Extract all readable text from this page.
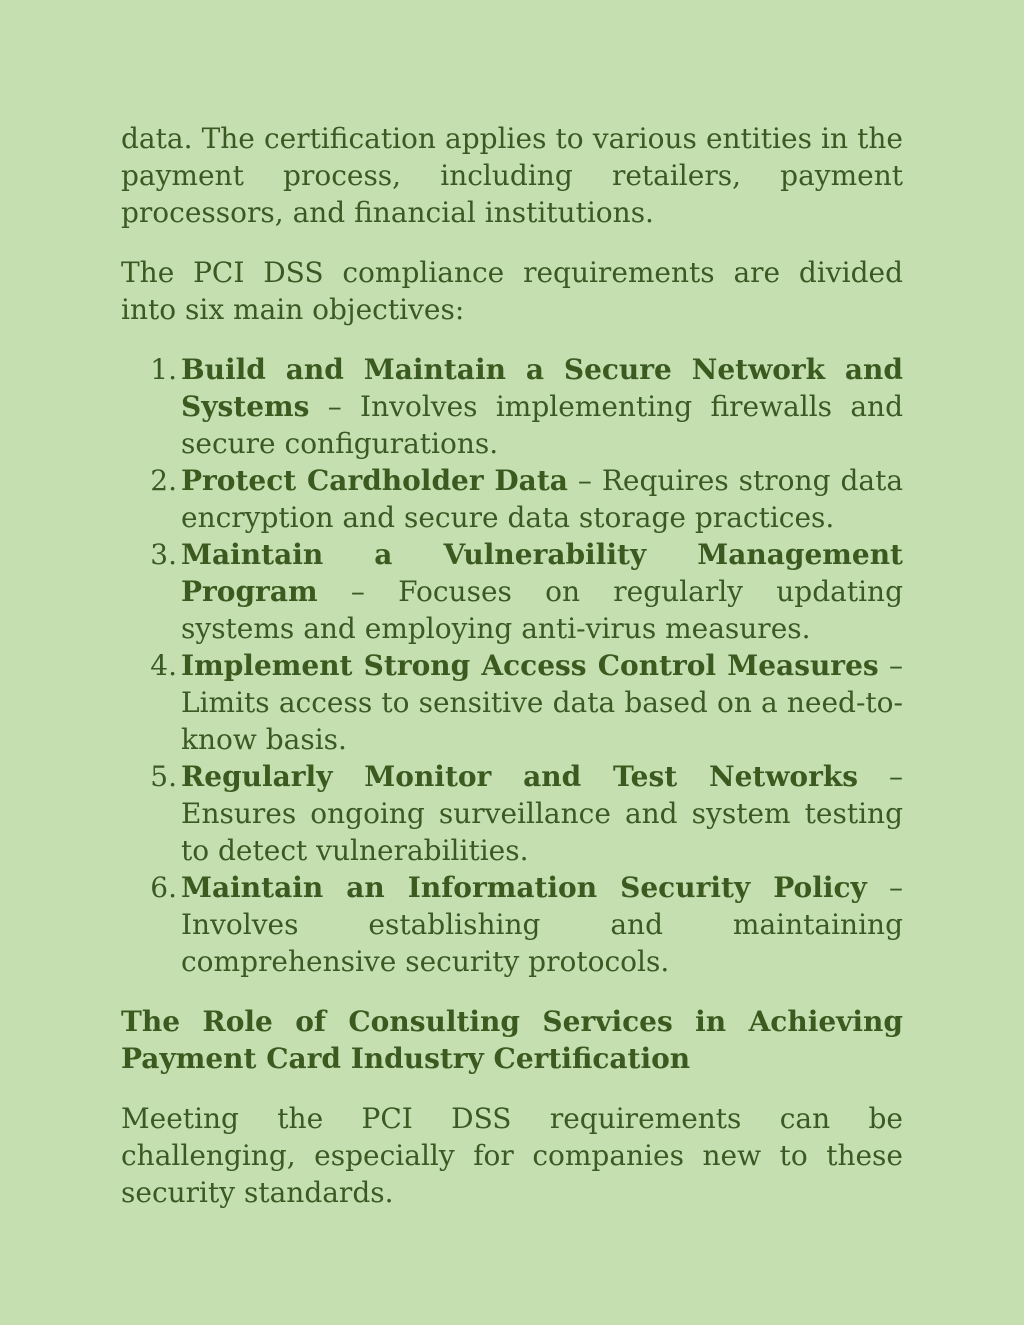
data. The certification applies to various entities in the payment process, including retailers, payment processors, and financial institutions.

The PCI DSS compliance requirements are divided into six main objectives:

1. Build and Maintain a Secure Network and Systems – Involves implementing firewalls and secure configurations.
2. Protect Cardholder Data – Requires strong data encryption and secure data storage practices.
3. Maintain a Vulnerability Management Program – Focuses on regularly updating systems and employing anti-virus measures.
4. Implement Strong Access Control Measures – Limits access to sensitive data based on a need-to-know basis.
5. Regularly Monitor and Test Networks – Ensures ongoing surveillance and system testing to detect vulnerabilities.
6. Maintain an Information Security Policy – Involves establishing and maintaining comprehensive security protocols.
The Role of Consulting Services in Achieving Payment Card Industry Certification

Meeting the PCI DSS requirements can be challenging, especially for companies new to these security standards.
